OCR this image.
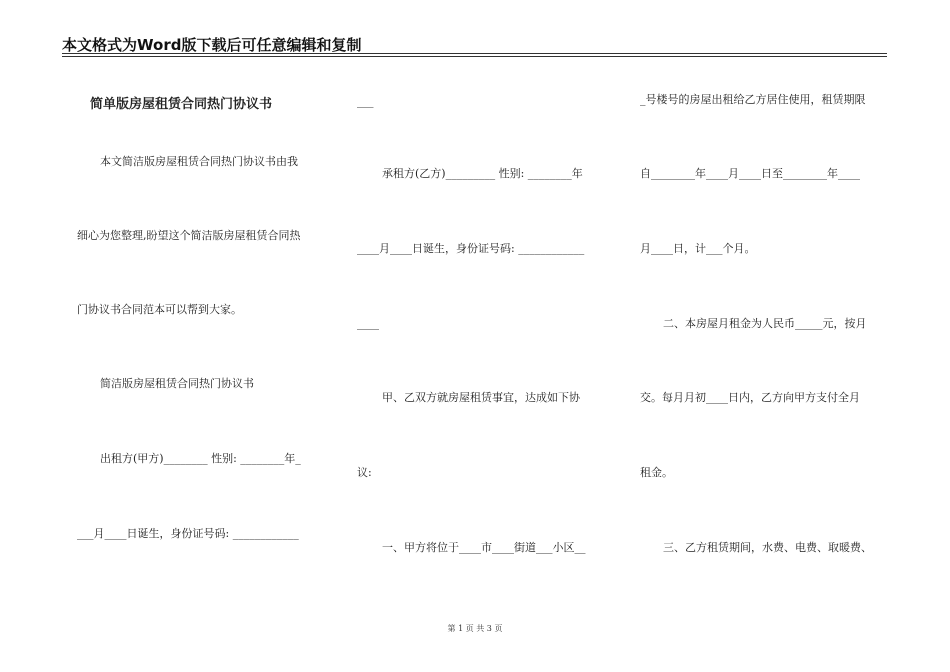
本文格式为Word版下载后可任意编辑和复制
简单版房屋租赁合同热门协议书
本文简洁版房屋租赁合同热门协议书由我
细心为您整理,盼望这个简洁版房屋租赁合同热
门协议书合同范本可以帮到大家。
简洁版房屋租赁合同热门协议书
出租方(甲方)________ 性别: ________年_
___月____日诞生，身份证号码: ____________
___
承租方(乙方)_________ 性别: ________年
____月____日诞生，身份证号码: ____________
____
甲、乙双方就房屋租赁事宜，达成如下协
议:
一、甲方将位于____市____街道___小区__
_号楼号的房屋出租给乙方居住使用，租赁期限
自________年____月____日至________年____
月____日，计___个月。
二、本房屋月租金为人民币_____元，按月
交。每月月初____日内，乙方向甲方支付全月
租金。
三、乙方租赁期间，水费、电费、取暖费、
第 1 页 共 3 页
